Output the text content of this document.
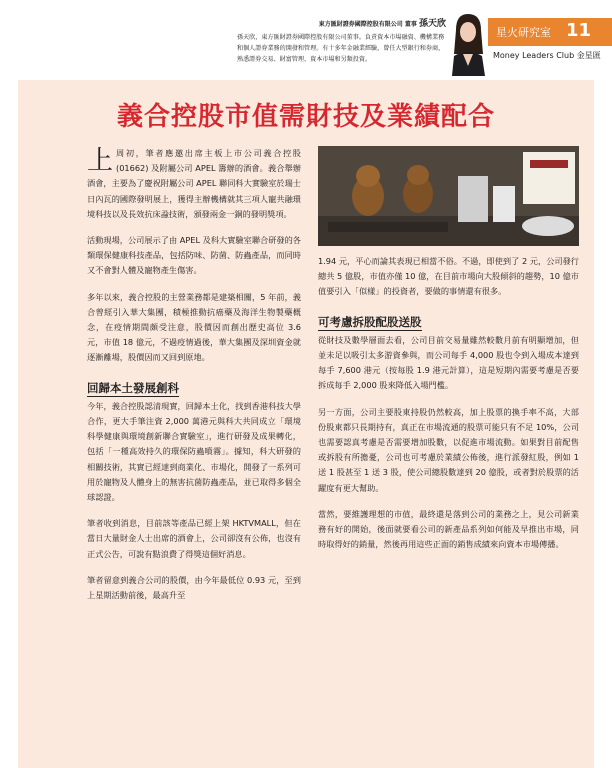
東方匯財證券國際控股有限公司 董事 孫天欣
孫天欣，東方匯財證券國際控股有限公司董事。負責資本市場融資、機構業務和個人證券業務的開發和管理。有十多年金融業經驗，曾任大型銀行和券商，熟悉證券交易、財富管理、資本市場和另類投資。
星火研究室 11
Money Leaders Club 金星匯
義合控股市值需財技及業績配合

上周初，筆者應邀出席主板上市公司義合控股 (01662) 及附屬公司 APEL 籌辦的酒會。義合舉辦酒會，主要為了慶祝附屬公司 APEL 聯同科大實驗室於瑞士日內瓦的國際發明展上，獲得主辦機構就其三項人寵共融環境科技以及長效抗床蝨技術，頒發兩金一銅的發明獎項。

活動現場，公司展示了由 APEL 及科大實驗室聯合研發的各類環保健康科技產品，包括防味、防菌、防蟲產品，而同時又不會對人體及寵物產生傷害。

多年以來，義合控股的主營業務都是建築相關，5 年前，義合曾經引入華大集團，積極推動抗癌藥及海洋生物製藥概念，在疫情期間頗受注意，股價因而創出歷史高位 3.6 元，市值 18 億元，不過疫情過後，華大集團及深圳資金就逐漸離場，股價因而又回到原地。

回歸本土發展創科

今年，義合控股認清現實，回歸本土化，找到香港科技大學合作，更大手筆注資 2,000 萬港元與科大共同成立「環境科學健康與環境創新聯合實驗室」，進行研發及成果轉化，包括「一種高效持久的環保防蟲噴霧」。據知，科大研發的相關技術，其實已經達到商業化、市場化，開發了一系列可用於寵物及人體身上的無害抗菌防蟲產品，並已取得多個全球認證。

筆者收到消息，目前該等產品已經上架 HKTVMALL，但在當日大量財金人士出席的酒會上，公司卻沒有公佈，也沒有正式公告，可說有點浪費了得獎這個好消息。

筆者留意到義合公司的股價，由今年最低位 0.93 元，至到上星期活動前後，最高升至

1.94 元，平心而論其表現已相當不俗。不過，即使到了 2 元，公司發行總共 5 億股，市值亦僅 10 億，在目前市場向大股傾斜的趨勢，10 億市值要引入「似樣」的投資者，要做的事情還有很多。

可考慮拆股配股送股

從財技及數學層面去看，公司目前交易量雖然較數月前有明顯增加，但並未足以吸引太多游資參與，而公司每手 4,000 股也令到入場成本達到每手 7,600 港元（按每股 1.9 港元計算），這是短期內需要考慮是否要拆成每手 2,000 股來降低入場門檻。

另一方面，公司主要股東持股仍然較高，加上股票的換手率不高，大部份股東都只長期持有，真正在市場流通的股票可能只有不足 10%，公司也需要認真考慮是否需要增加股數，以促進市場流動。如果對目前配售或拆股有所擔憂，公司也可考慮於業績公佈後，進行派發紅股，例如 1 送 1 股甚至 1 送 3 股，使公司總股數達到 20 億股，或者對於股票的活躍度有更大幫助。

當然，要維護理想的市值，最終還是落到公司的業務之上，見公司新業務有好的開始，後面就要看公司的新產品系列如何能及早推出市場，同時取得好的銷量，然後再用這些正面的銷售成績來向資本市場傳播。
